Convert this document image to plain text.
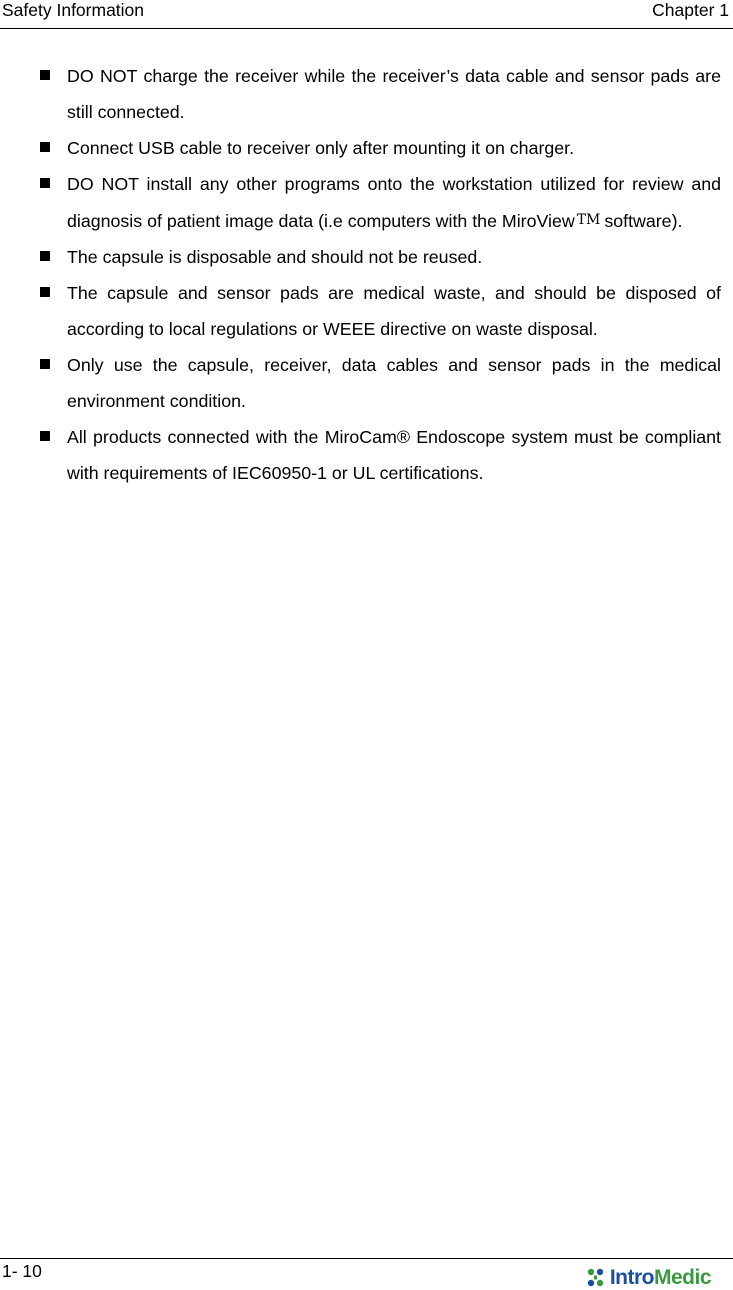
Safety Information	Chapter 1
DO NOT charge the receiver while the receiver’s data cable and sensor pads are still connected.
Connect USB cable to receiver only after mounting it on charger.
DO NOT install any other programs onto the workstation utilized for review and diagnosis of patient image data (i.e computers with the MiroView TM software).
The capsule is disposable and should not be reused.
The capsule and sensor pads are medical waste, and should be disposed of according to local regulations or WEEE directive on waste disposal.
Only use the capsule, receiver, data cables and sensor pads in the medical environment condition.
All products connected with the MiroCam® Endoscope system must be compliant with requirements of IEC60950-1 or UL certifications.
1- 10	IntroMedic
